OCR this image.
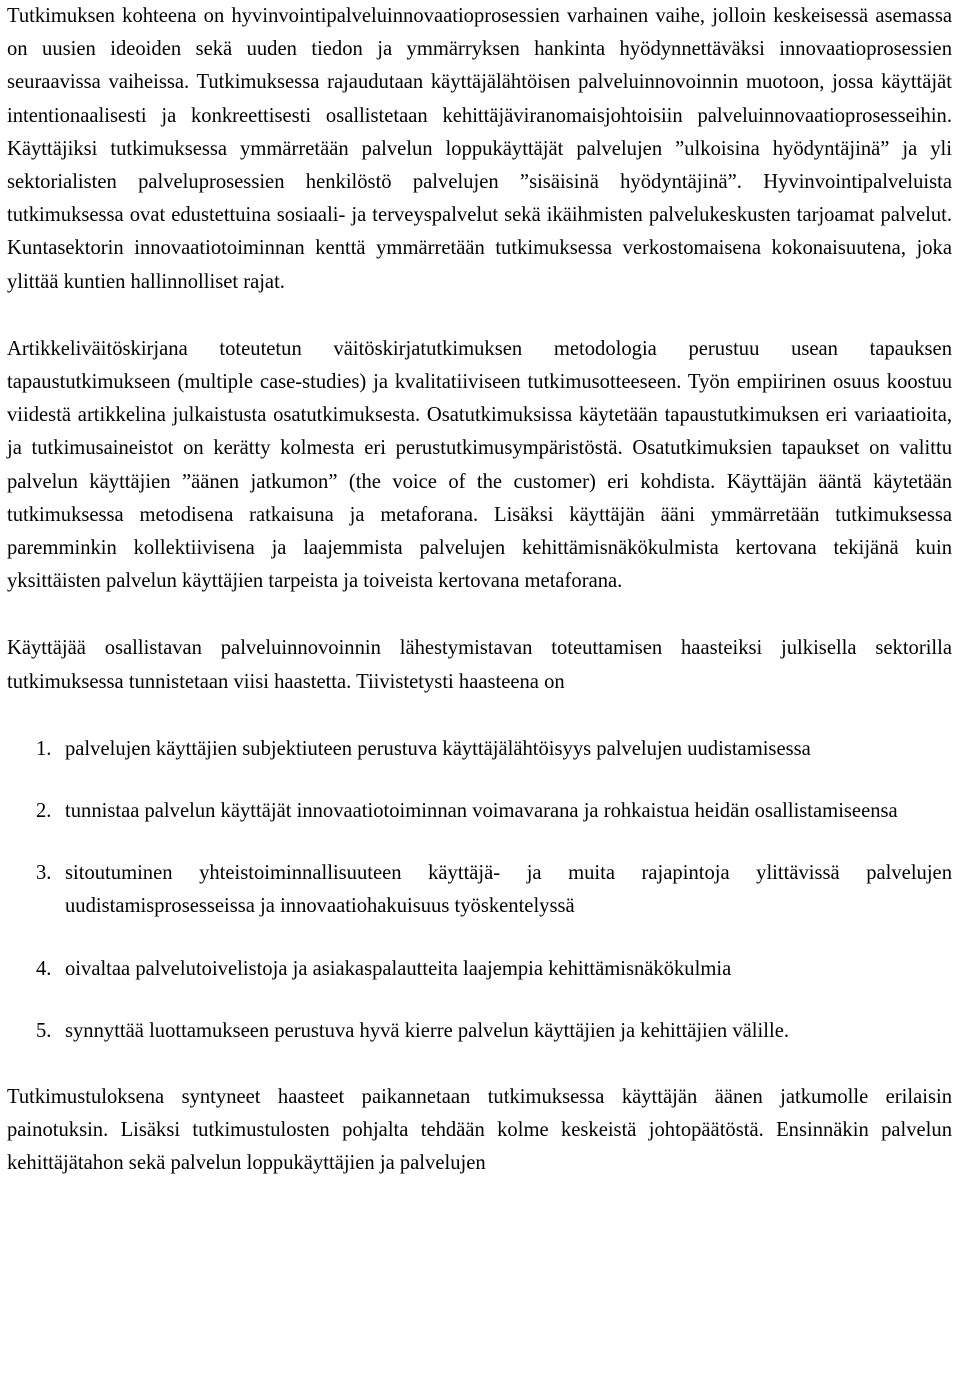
Tutkimuksen kohteena on hyvinvointipalveluinnovaatioprosessien varhainen vaihe, jolloin keskeisessä asemassa on uusien ideoiden sekä uuden tiedon ja ymmärryksen hankinta hyödynnettäväksi innovaatioprosessien seuraavissa vaiheissa. Tutkimuksessa rajaudutaan käyttäjälähtöisen palveluinnovoinnin muotoon, jossa käyttäjät intentionaalisesti ja konkreettisesti osallistetaan kehittäjäviranomaisjohtoisiin palveluinnovaatioprosesseihin. Käyttäjiksi tutkimuksessa ymmärretään palvelun loppukäyttäjät palvelujen ”ulkoisina hyödyntäjinä” ja yli sektorialisten palveluprosessien henkilöstö palvelujen ”sisäisinä hyödyntäjinä”. Hyvinvointipalveluista tutkimuksessa ovat edustettuina sosiaali- ja terveyspalvelut sekä ikäihmisten palvelukeskusten tarjoamat palvelut. Kuntasektorin innovaatiotoiminnan kenttä ymmärretään tutkimuksessa verkostomaisena kokonaisuutena, joka ylittää kuntien hallinnolliset rajat.

Artikkeliväitöskirjana toteutetun väitöskirjatutkimuksen metodologia perustuu usean tapauksen tapaustutkimukseen (multiple case-studies) ja kvalitatiiviseen tutkimusotteeseen. Työn empiirinen osuus koostuu viidestä artikkelina julkaistusta osatutkimuksesta. Osatutkimuksissa käytetään tapaustutkimuksen eri variaatioita, ja tutkimusaineistot on kerätty kolmesta eri perustutkimusympäristöstä. Osatutkimuksien tapaukset on valittu palvelun käyttäjien ”äänen jatkumon” (the voice of the customer) eri kohdista. Käyttäjän ääntä käytetään tutkimuksessa metodisena ratkaisuna ja metaforana. Lisäksi käyttäjän ääni ymmärretään tutkimuksessa paremminkin kollektiivisena ja laajemmista palvelujen kehittämisnäkökulmista kertovana tekijänä kuin yksittäisten palvelun käyttäjien tarpeista ja toiveista kertovana metaforana.

Käyttäjää osallistavan palveluinnovoinnin lähestymistavan toteuttamisen haasteiksi julkisella sektorilla tutkimuksessa tunnistetaan viisi haastetta. Tiivistetysti haasteena on

1. palvelujen käyttäjien subjektiuteen perustuva käyttäjälähtöisyys palvelujen uudistamisessa
2. tunnistaa palvelun käyttäjät innovaatiotoiminnan voimavarana ja rohkaistua heidän osallistamiseensa
3. sitoutuminen yhteistoiminnallisuuteen käyttäjä- ja muita rajapintoja ylittävissä palvelujen uudistamisprosesseissa ja innovaatiohakuisuus työskentelyssä
4. oivaltaa palvelutoivelistoja ja asiakaspalautteita laajempia kehittämisnäkökulmia
5. synnyttää luottamukseen perustuva hyvä kierre palvelun käyttäjien ja kehittäjien välille.

Tutkimustuloksena syntyneet haasteet paikannetaan tutkimuksessa käyttäjän äänen jatkumolle erilaisin painotuksin. Lisäksi tutkimustulosten pohjalta tehdään kolme keskeistä johtopäätöstä. Ensinnäkin palvelun kehittäjätahon sekä palvelun loppukäyttäjien ja palvelujen
